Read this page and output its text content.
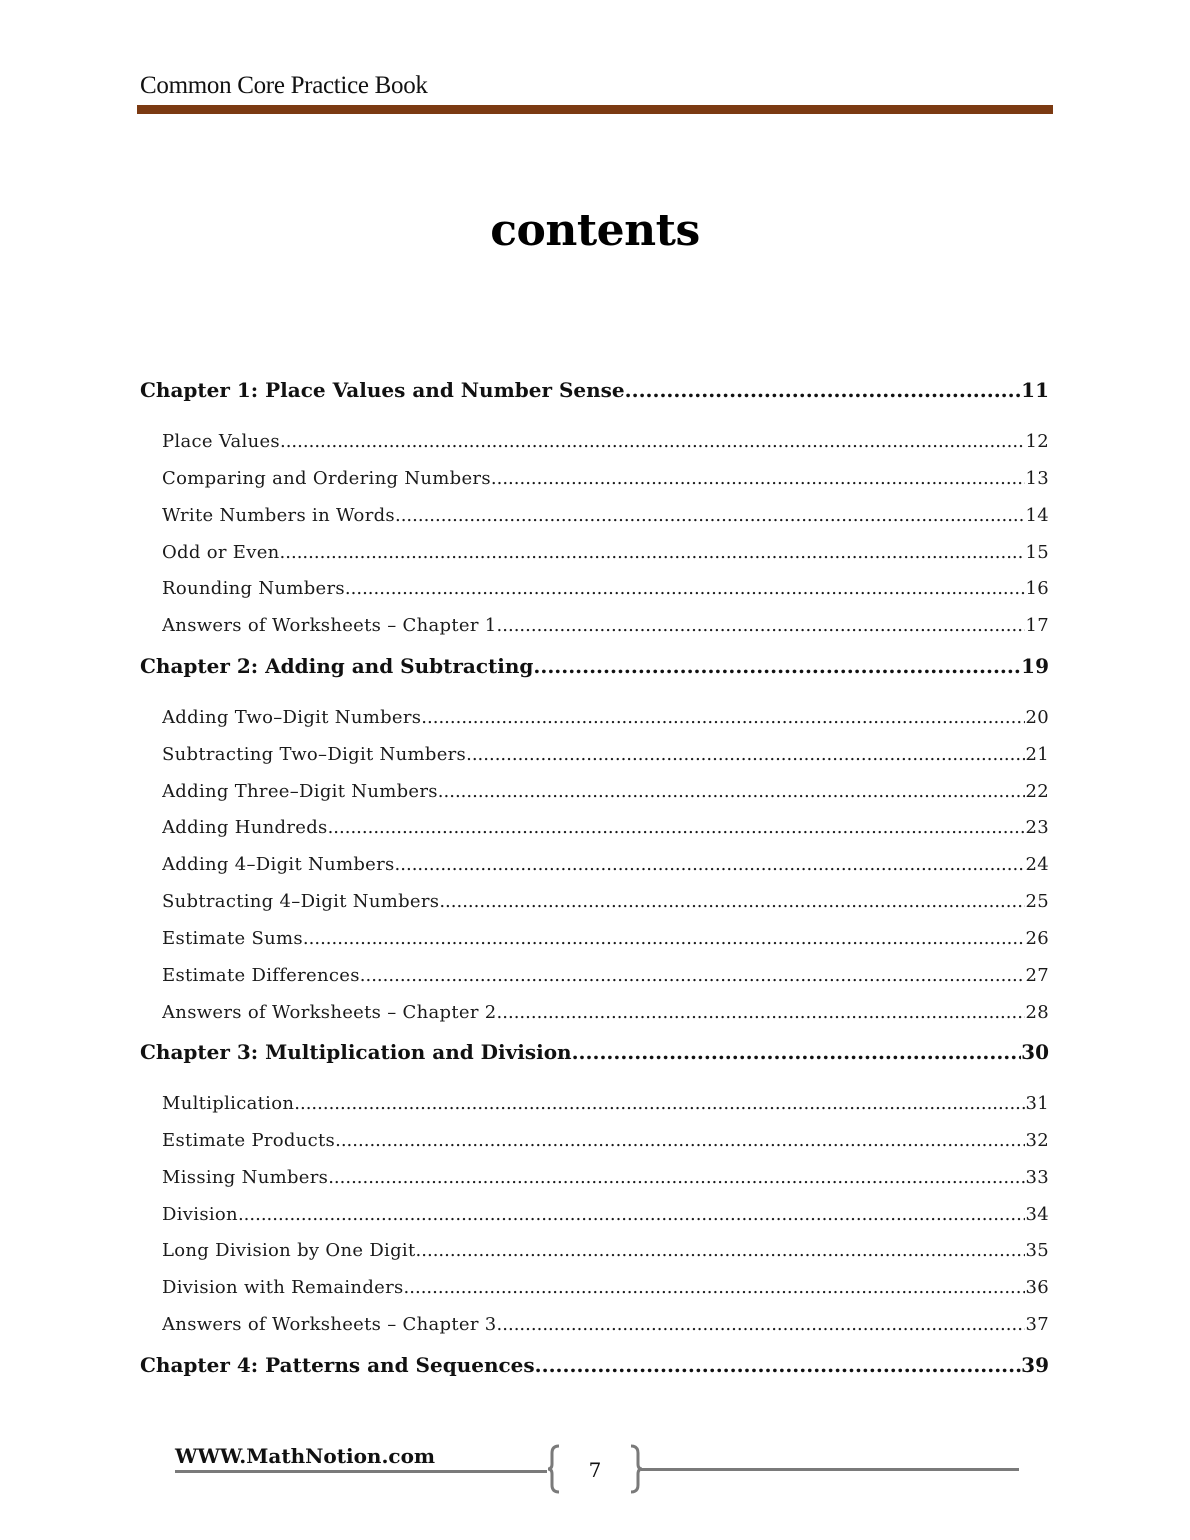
Common Core Practice Book
contents
Chapter 1: Place Values and Number Sense .....	11
Place Values .....	12
Comparing and Ordering Numbers .....	13
Write Numbers in Words .....	14
Odd or Even .....	15
Rounding Numbers .....	16
Answers of Worksheets – Chapter 1 .....	17
Chapter 2: Adding and Subtracting .....	19
Adding Two–Digit Numbers .....	20
Subtracting Two–Digit Numbers .....	21
Adding Three–Digit Numbers .....	22
Adding Hundreds .....	23
Adding 4–Digit Numbers .....	24
Subtracting 4–Digit Numbers .....	25
Estimate Sums .....	26
Estimate Differences .....	27
Answers of Worksheets – Chapter 2 .....	28
Chapter 3: Multiplication and Division .....	30
Multiplication .....	31
Estimate Products .....	32
Missing Numbers .....	33
Division .....	34
Long Division by One Digit .....	35
Division with Remainders .....	36
Answers of Worksheets – Chapter 3 .....	37
Chapter 4: Patterns and Sequences .....	39
WWW.MathNotion.com
7
